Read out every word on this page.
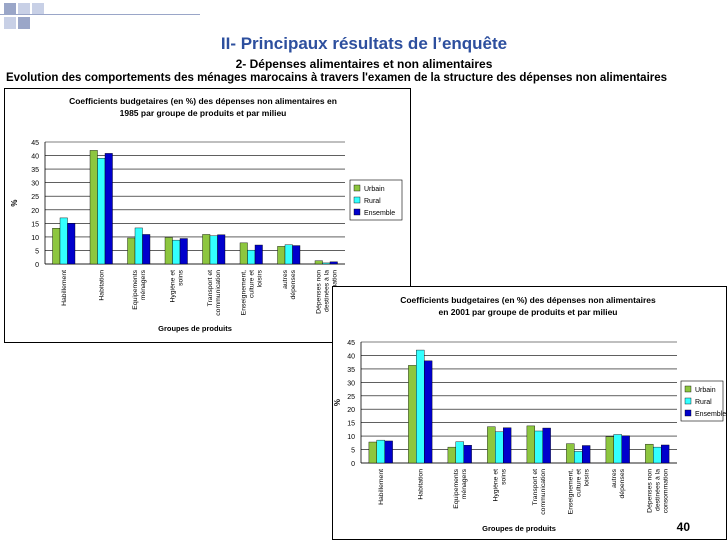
II- Principaux résultats de l’enquête
2- Dépenses alimentaires et non alimentaires
Evolution des comportements des ménages marocains à travers l'examen de la structure des dépenses non alimentaires
Coefficients budgetaires (en %) des dépenses non alimentaires en
1985 par groupe de produits et par milieu
0
5
10
15
20
25
30
35
40
45
Habillement	Habitation	Equipements ménagers	Hygiène et soins	Transport et communication	Enseignement, culture et loisirs	autres dépenses	Dépenses non destinées à la
Groupes de produits
%
Urbain
Rural
Ensemble
Coefficients budgetaires (en %) des dépenses non alimentaires
en 2001 par groupe de produits et par milieu
0
5
10
15
20
25
30
35
40
45
Habillement	Habitation	Equipements ménagers	Hygiène et soins	Transport et communication	Enseignement, culture et loisirs	autres dépenses	Dépenses non destinées à la consommation
Groupes de produits
%
Urbain
Rural
Ensemble
40
